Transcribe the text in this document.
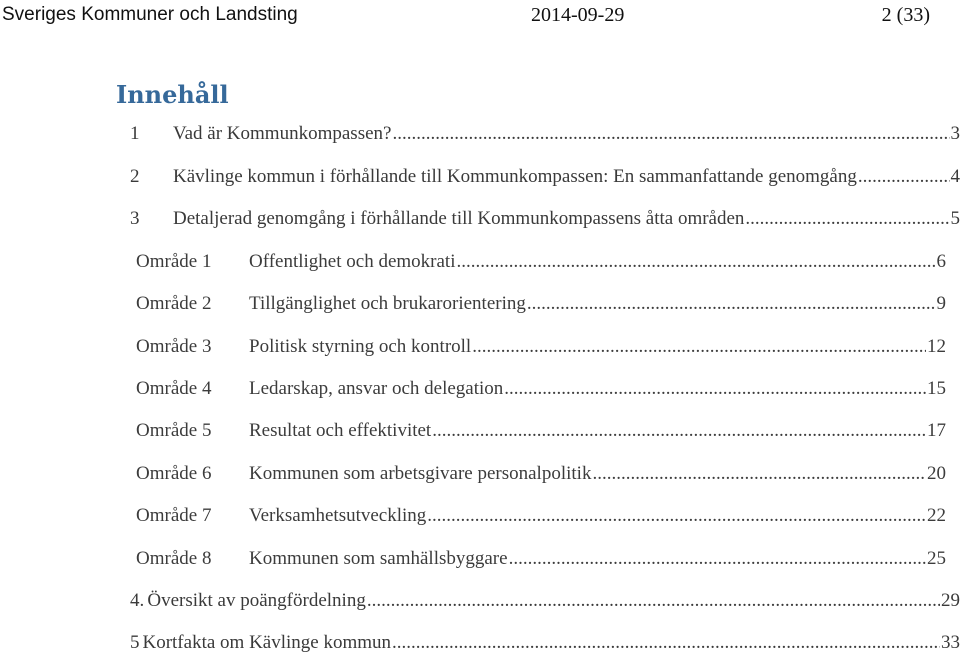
Sveriges Kommuner och Landsting	2014-09-29	2 (33)
Innehåll
1	Vad är Kommunkompassen? .....	3
2	Kävlinge kommun i förhållande till Kommunkompassen: En sammanfattande genomgång .....	4
3	Detaljerad genomgång i förhållande till Kommunkompassens åtta områden .....	5
Område 1	Offentlighet och demokrati .....	6
Område 2	Tillgänglighet och brukarorientering .....	9
Område 3	Politisk styrning och kontroll .....	12
Område 4	Ledarskap, ansvar och delegation .....	15
Område 5	Resultat och effektivitet .....	17
Område 6	Kommunen som arbetsgivare personalpolitik .....	20
Område 7	Verksamhetsutveckling .....	22
Område 8	Kommunen som samhällsbyggare .....	25
4. Översikt av poängfördelning .....	29
5 Kortfakta om Kävlinge kommun .....	33
